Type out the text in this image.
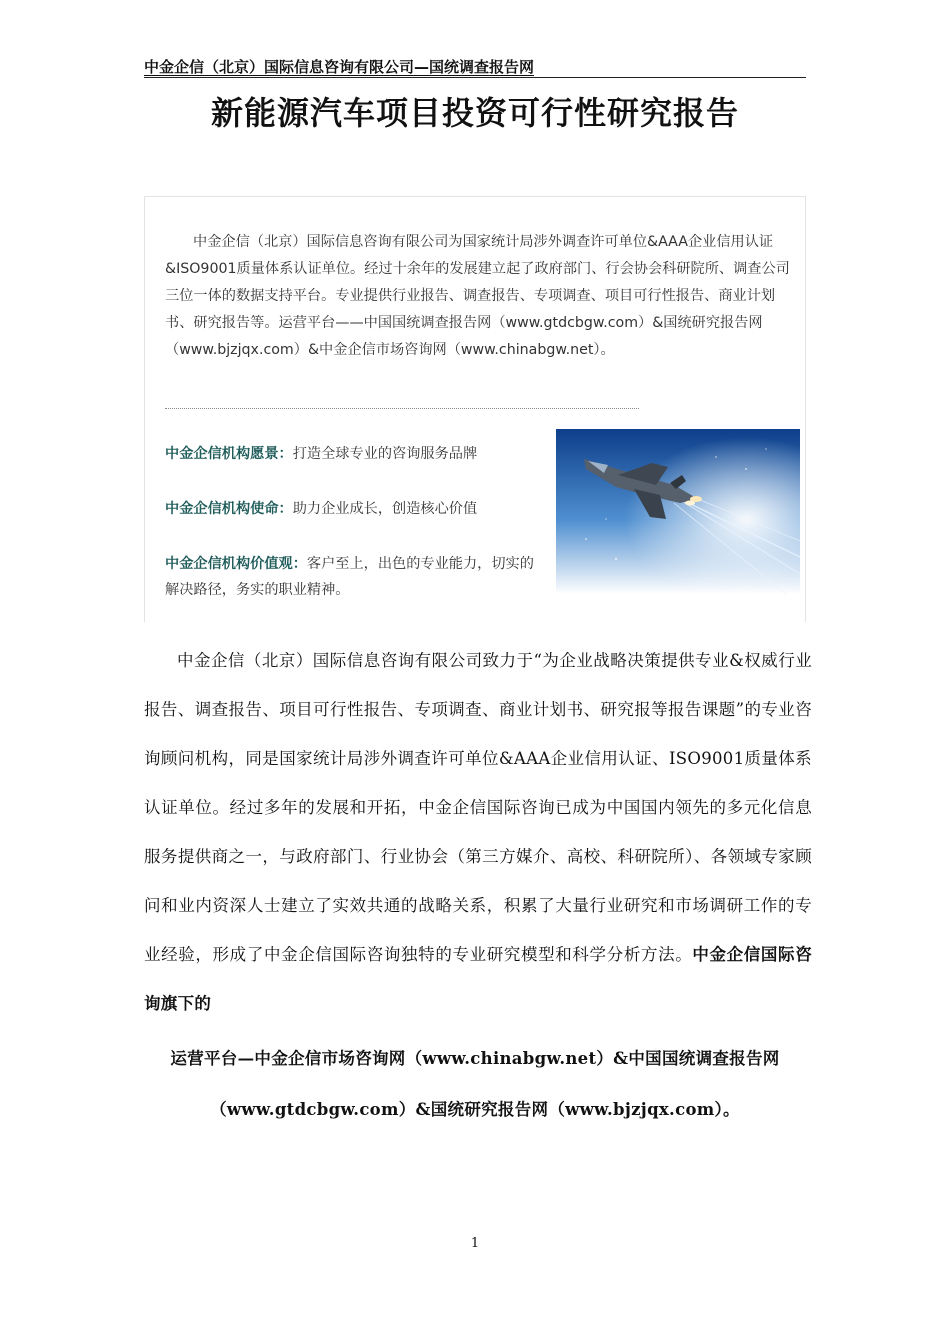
中金企信（北京）国际信息咨询有限公司—国统调查报告网
新能源汽车项目投资可行性研究报告
中金企信（北京）国际信息咨询有限公司为国家统计局涉外调查许可单位&AAA企业信用认证&ISO9001质量体系认证单位。经过十余年的发展建立起了政府部门、行会协会科研院所、调查公司三位一体的数据支持平台。专业提供行业报告、调查报告、专项调查、项目可行性报告、商业计划书、研究报告等。运营平台——中国国统调查报告网（www.gtdcbgw.com）&国统研究报告网（www.bjzjqx.com）&中金企信市场咨询网（www.chinabgw.net）。
中金企信机构愿景：打造全球专业的咨询服务品牌
中金企信机构使命：助力企业成长，创造核心价值
中金企信机构价值观：客户至上，出色的专业能力，切实的解决路径，务实的职业精神。

中金企信（北京）国际信息咨询有限公司致力于“为企业战略决策提供专业&权威行业报告、调查报告、项目可行性报告、专项调查、商业计划书、研究报等报告课题”的专业咨询顾问机构，同是国家统计局涉外调查许可单位&AAA企业信用认证、ISO9001质量体系认证单位。经过多年的发展和开拓，中金企信国际咨询已成为中国国内领先的多元化信息服务提供商之一，与政府部门、行业协会（第三方媒介、高校、科研院所）、各领域专家顾问和业内资深人士建立了实效共通的战略关系，积累了大量行业研究和市场调研工作的专业经验，形成了中金企信国际咨询独特的专业研究模型和科学分析方法。中金企信国际咨询旗下的

运营平台—中金企信市场咨询网（www.chinabgw.net）&中国国统调查报告网
（www.gtdcbgw.com）&国统研究报告网（www.bjzjqx.com）。
1
